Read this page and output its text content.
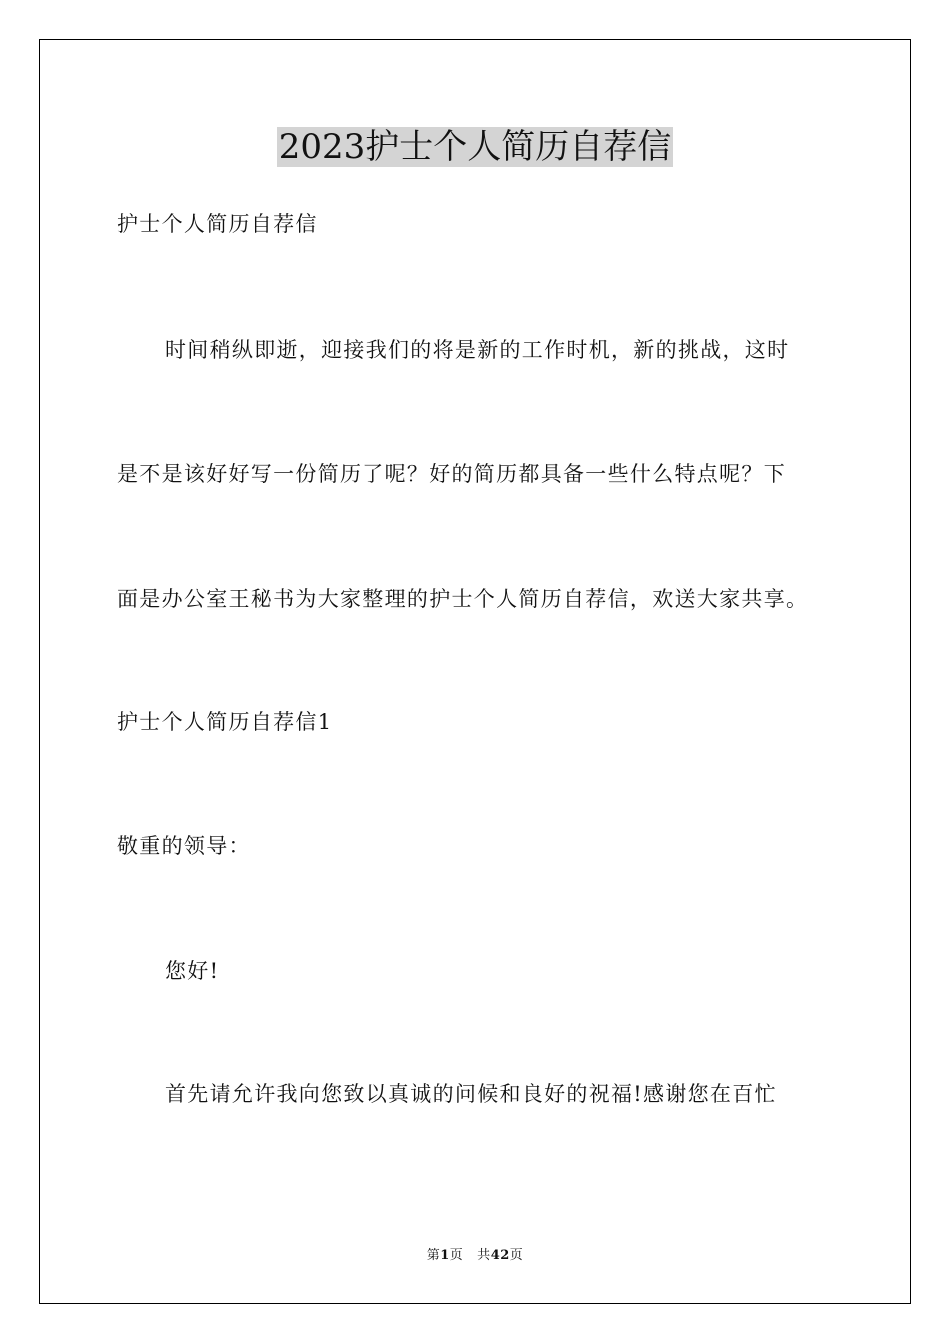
2023护士个人简历自荐信

护士个人简历自荐信

时间稍纵即逝，迎接我们的将是新的工作时机，新的挑战，这时

是不是该好好写一份简历了呢？好的简历都具备一些什么特点呢？下

面是办公室王秘书为大家整理的护士个人简历自荐信，欢送大家共享。

护士个人简历自荐信1

敬重的领导：

您好!

首先请允许我向您致以真诚的问候和良好的祝福!感谢您在百忙

第1页 共42页
